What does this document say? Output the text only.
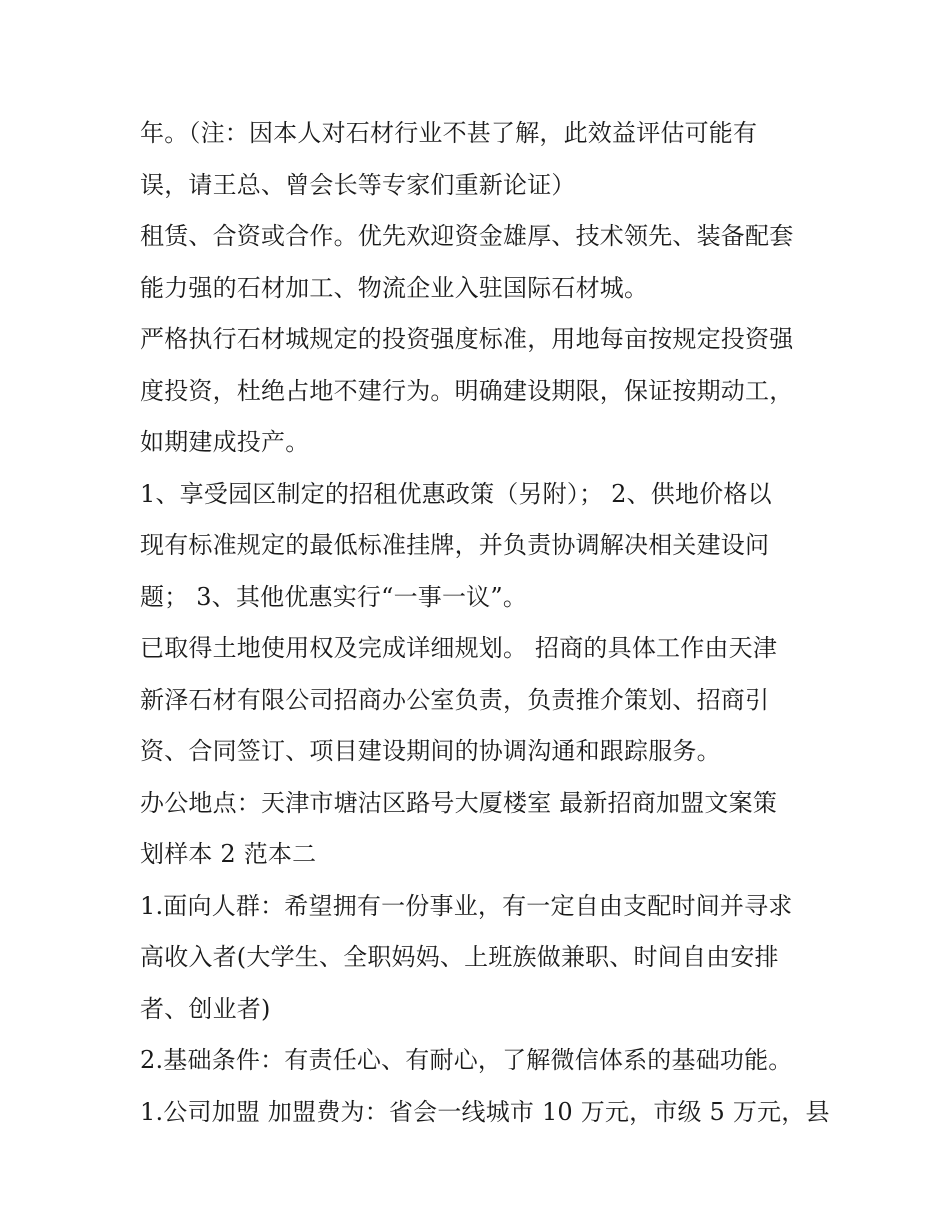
年。（注：因本人对石材行业不甚了解，此效益评估可能有
误，请王总、曾会长等专家们重新论证）
租赁、合资或合作。优先欢迎资金雄厚、技术领先、装备配套
能力强的石材加工、物流企业入驻国际石材城。
严格执行石材城规定的投资强度标准，用地每亩按规定投资强
度投资，杜绝占地不建行为。明确建设期限，保证按期动工，
如期建成投产。
1、享受园区制定的招租优惠政策（另附）； 2、供地价格以
现有标准规定的最低标准挂牌，并负责协调解决相关建设问
题； 3、其他优惠实行“一事一议”。
已取得土地使用权及完成详细规划。 招商的具体工作由天津
新泽石材有限公司招商办公室负责，负责推介策划、招商引
资、合同签订、项目建设期间的协调沟通和跟踪服务。
办公地点：天津市塘沽区路号大厦楼室 最新招商加盟文案策
划样本 2 范本二
1.面向人群：希望拥有一份事业，有一定自由支配时间并寻求
高收入者(大学生、全职妈妈、上班族做兼职、时间自由安排
者、创业者)
2.基础条件：有责任心、有耐心，了解微信体系的基础功能。
1.公司加盟 加盟费为：省会一线城市 10 万元，市级 5 万元，县
